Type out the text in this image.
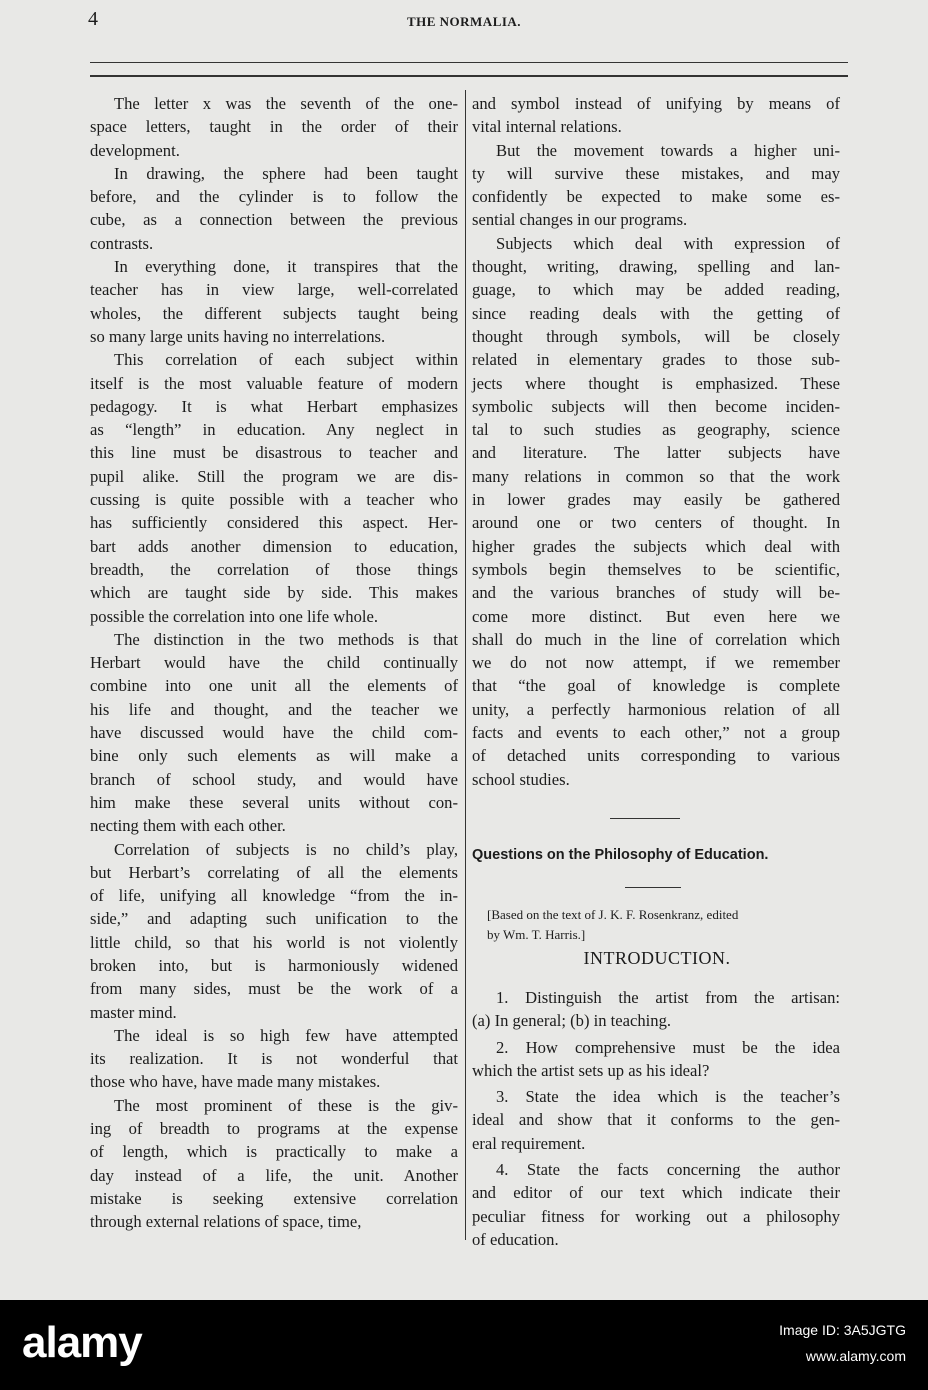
4	THE NORMALIA.
The letter x was the seventh of the one-
space letters, taught in the order of their
development.
In drawing, the sphere had been taught
before, and the cylinder is to follow the
cube, as a connection between the previous
contrasts.
In everything done, it transpires that the
teacher has in view large, well-correlated
wholes, the different subjects taught being
so many large units having no interrelations.
This correlation of each subject within
itself is the most valuable feature of modern
pedagogy. It is what Herbart emphasizes
as “length” in education. Any neglect in
this line must be disastrous to teacher and
pupil alike. Still the program we are dis-
cussing is quite possible with a teacher who
has sufficiently considered this aspect. Her-
bart adds another dimension to education,
breadth, the correlation of those things
which are taught side by side. This makes
possible the correlation into one life whole.
The distinction in the two methods is that
Herbart would have the child continually
combine into one unit all the elements of
his life and thought, and the teacher we
have discussed would have the child com-
bine only such elements as will make a
branch of school study, and would have
him make these several units without con-
necting them with each other.
Correlation of subjects is no child’s play,
but Herbart’s correlating of all the elements
of life, unifying all knowledge “from the in-
side,” and adapting such unification to the
little child, so that his world is not violently
broken into, but is harmoniously widened
from many sides, must be the work of a
master mind.
The ideal is so high few have attempted
its realization. It is not wonderful that
those who have, have made many mistakes.
The most prominent of these is the giv-
ing of breadth to programs at the expense
of length, which is practically to make a
day instead of a life, the unit. Another
mistake is seeking extensive correlation
through external relations of space, time,
and symbol instead of unifying by means of
vital internal relations.
But the movement towards a higher uni-
ty will survive these mistakes, and may
confidently be expected to make some es-
sential changes in our programs.
Subjects which deal with expression of
thought, writing, drawing, spelling and lan-
guage, to which may be added reading,
since reading deals with the getting of
thought through symbols, will be closely
related in elementary grades to those sub-
jects where thought is emphasized. These
symbolic subjects will then become inciden-
tal to such studies as geography, science
and literature. The latter subjects have
many relations in common so that the work
in lower grades may easily be gathered
around one or two centers of thought. In
higher grades the subjects which deal with
symbols begin themselves to be scientific,
and the various branches of study will be-
come more distinct. But even here we
shall do much in the line of correlation which
we do not now attempt, if we remember
that “the goal of knowledge is complete
unity, a perfectly harmonious relation of all
facts and events to each other,” not a group
of detached units corresponding to various
school studies.
Questions on the Philosophy of Education.
[Based on the text of J. K. F. Rosenkranz, edited
by Wm. T. Harris.]
INTRODUCTION.
1. Distinguish the artist from the artisan:
(a) In general; (b) in teaching.
2. How comprehensive must be the idea
which the artist sets up as his ideal?
3. State the idea which is the teacher’s
ideal and show that it conforms to the gen-
eral requirement.
4. State the facts concerning the author
and editor of our text which indicate their
peculiar fitness for working out a philosophy
of education.
alamy	Image ID: 3A5JGTG
www.alamy.com
